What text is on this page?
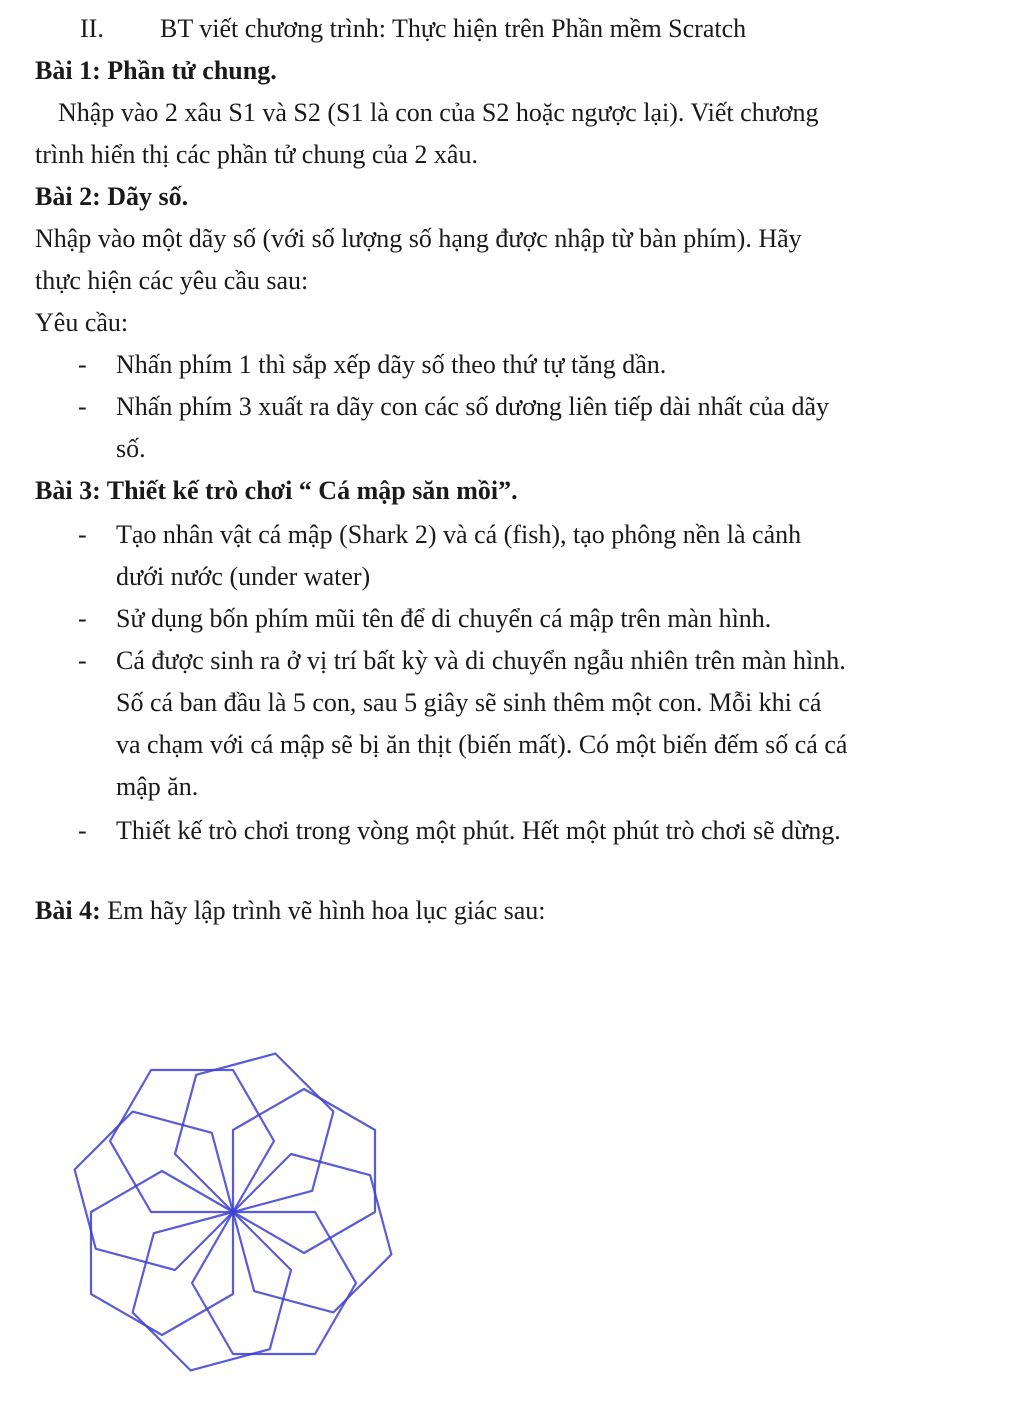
II. BT viết chương trình: Thực hiện trên Phần mềm Scratch
Bài 1: Phần tử chung.
Nhập vào 2 xâu S1 và S2 (S1 là con của S2 hoặc ngược lại). Viết chương
trình hiển thị các phần tử chung của 2 xâu.
Bài 2: Dãy số.
Nhập vào một dãy số (với số lượng số hạng được nhập từ bàn phím). Hãy
thực hiện các yêu cầu sau:
Yêu cầu:
- Nhấn phím 1 thì sắp xếp dãy số theo thứ tự tăng dần.
- Nhấn phím 3 xuất ra dãy con các số dương liên tiếp dài nhất của dãy
số.
Bài 3: Thiết kế trò chơi “ Cá mập săn mồi”.
- Tạo nhân vật cá mập (Shark 2) và cá (fish), tạo phông nền là cảnh
dưới nước (under water)
- Sử dụng bốn phím mũi tên để di chuyển cá mập trên màn hình.
- Cá được sinh ra ở vị trí bất kỳ và di chuyển ngẫu nhiên trên màn hình.
Số cá ban đầu là 5 con, sau 5 giây sẽ sinh thêm một con. Mỗi khi cá
va chạm với cá mập sẽ bị ăn thịt (biến mất). Có một biến đếm số cá cá
mập ăn.
- Thiết kế trò chơi trong vòng một phút. Hết một phút trò chơi sẽ dừng.
Bài 4: Em hãy lập trình vẽ hình hoa lục giác sau:
